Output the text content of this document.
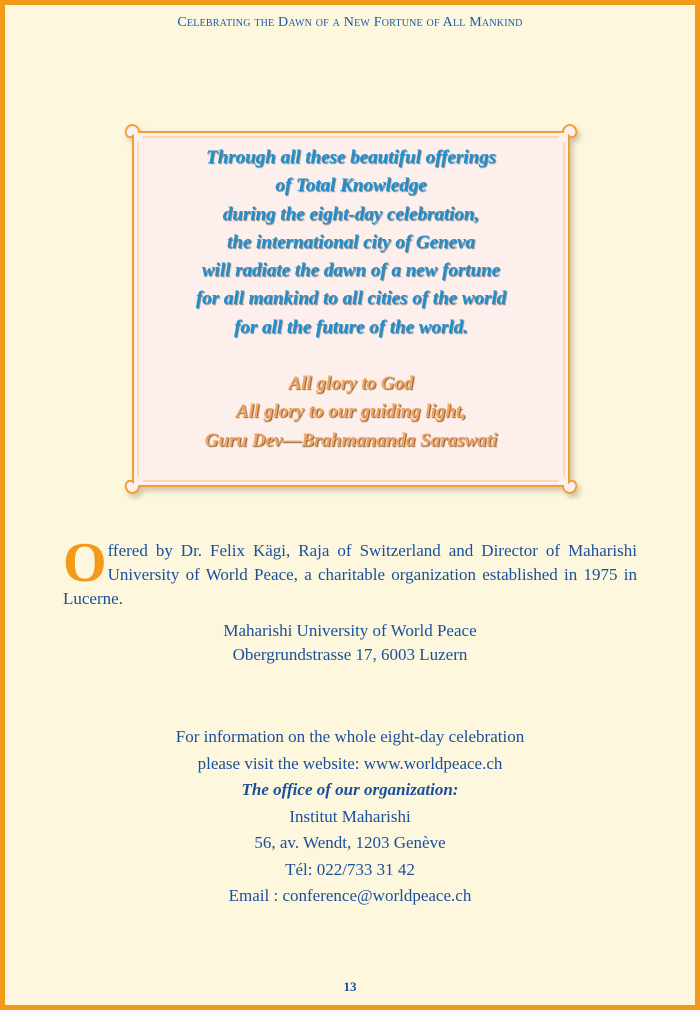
Celebrating the Dawn of a New Fortune of All Mankind
Through all these beautiful offerings
of Total Knowledge
during the eight-day celebration,
the international city of Geneva
will radiate the dawn of a new fortune
for all mankind to all cities of the world
for all the future of the world.
All glory to God
All glory to our guiding light,
Guru Dev—Brahmananda Saraswati
Offered by Dr. Felix Kägi, Raja of Switzerland and Director of Maharishi University of World Peace, a charitable organization established in 1975 in Lucerne.
Maharishi University of World Peace
Obergrundstrasse 17, 6003 Luzern
For information on the whole eight-day celebration
please visit the website: www.worldpeace.ch
The office of our organization:
Institut Maharishi
56, av. Wendt, 1203 Genève
Tél: 022/733 31 42
Email : conference@worldpeace.ch
13
